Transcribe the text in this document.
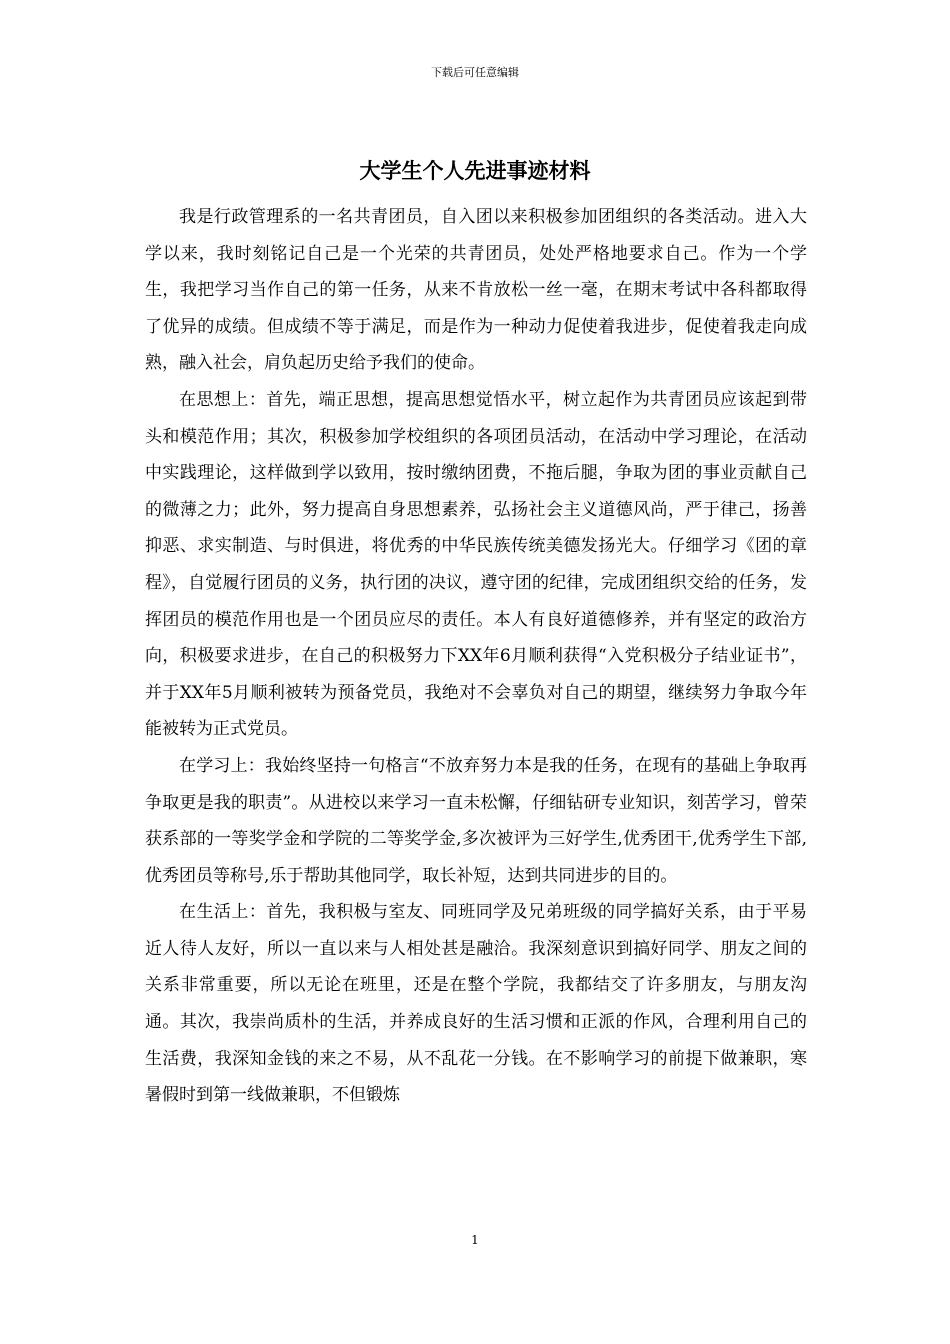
下载后可任意编辑
大学生个人先进事迹材料

我是行政管理系的一名共青团员，自入团以来积极参加团组织的各类活动。进入大学以来，我时刻铭记自己是一个光荣的共青团员，处处严格地要求自己。作为一个学生，我把学习当作自己的第一任务，从来不肯放松一丝一毫，在期末考试中各科都取得了优异的成绩。但成绩不等于满足，而是作为一种动力促使着我进步，促使着我走向成熟，融入社会，肩负起历史给予我们的使命。

在思想上：首先，端正思想，提高思想觉悟水平，树立起作为共青团员应该起到带头和模范作用；其次，积极参加学校组织的各项团员活动，在活动中学习理论，在活动中实践理论，这样做到学以致用，按时缴纳团费，不拖后腿，争取为团的事业贡献自己的微薄之力；此外，努力提高自身思想素养，弘扬社会主义道德风尚，严于律己，扬善抑恶、求实制造、与时俱进，将优秀的中华民族传统美德发扬光大。仔细学习《团的章程》，自觉履行团员的义务，执行团的决议，遵守团的纪律，完成团组织交给的任务，发挥团员的模范作用也是一个团员应尽的责任。本人有良好道德修养，并有坚定的政治方向，积极要求进步，在自己的积极努力下XX年6月顺利获得“入党积极分子结业证书”，并于XX年5月顺利被转为预备党员，我绝对不会辜负对自己的期望，继续努力争取今年能被转为正式党员。

在学习上：我始终坚持一句格言“不放弃努力本是我的任务，在现有的基础上争取再争取更是我的职责”。从进校以来学习一直未松懈，仔细钻研专业知识，刻苦学习，曾荣获系部的一等奖学金和学院的二等奖学金,多次被评为三好学生,优秀团干,优秀学生下部,优秀团员等称号,乐于帮助其他同学，取长补短，达到共同进步的目的。

在生活上：首先，我积极与室友、同班同学及兄弟班级的同学搞好关系，由于平易近人待人友好，所以一直以来与人相处甚是融洽。我深刻意识到搞好同学、朋友之间的关系非常重要，所以无论在班里，还是在整个学院，我都结交了许多朋友，与朋友沟通。其次，我崇尚质朴的生活，并养成良好的生活习惯和正派的作风，合理利用自己的生活费，我深知金钱的来之不易，从不乱花一分钱。在不影响学习的前提下做兼职，寒暑假时到第一线做兼职，不但锻炼

1
